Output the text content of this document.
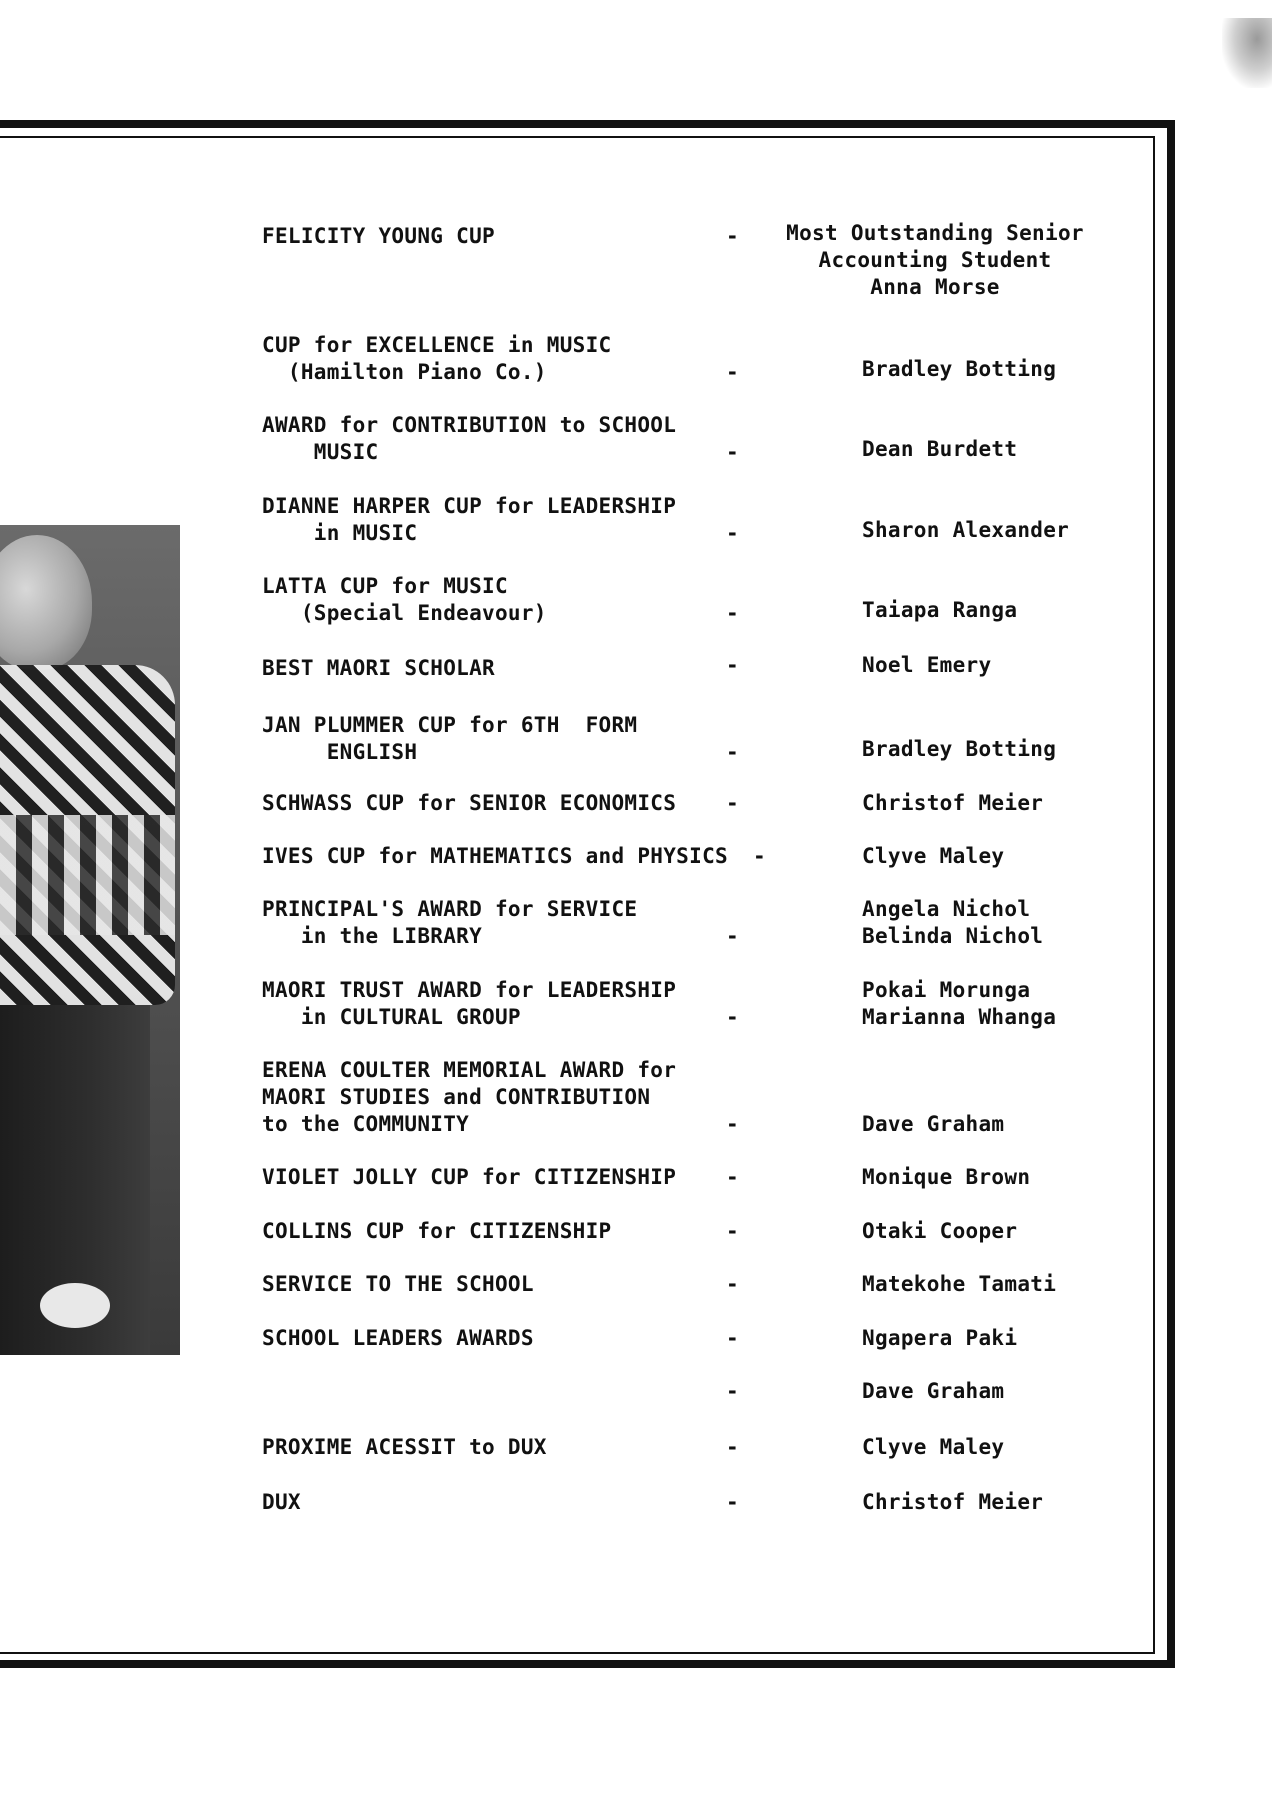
FELICITY YOUNG CUP	-	Most Outstanding Senior
Accounting Student
Anna Morse
CUP for EXCELLENCE in MUSIC
(Hamilton Piano Co.)	-	Bradley Botting
AWARD for CONTRIBUTION to SCHOOL
MUSIC	-	Dean Burdett
DIANNE HARPER CUP for LEADERSHIP
in MUSIC	-	Sharon Alexander
LATTA CUP for MUSIC
(Special Endeavour)	-	Taiapa Ranga
BEST MAORI SCHOLAR	-	Noel Emery
JAN PLUMMER CUP for 6TH  FORM
ENGLISH	-	Bradley Botting
SCHWASS CUP for SENIOR ECONOMICS	-	Christof Meier
IVES CUP for MATHEMATICS and PHYSICS	-	Clyve Maley
PRINCIPAL'S AWARD for SERVICE
in the LIBRARY	-
Angela Nichol
Belinda Nichol
MAORI TRUST AWARD for LEADERSHIP
in CULTURAL GROUP	-
Pokai Morunga
Marianna Whanga
ERENA COULTER MEMORIAL AWARD for
MAORI STUDIES and CONTRIBUTION
to the COMMUNITY	-	Dave Graham
VIOLET JOLLY CUP for CITIZENSHIP	-	Monique Brown
COLLINS CUP for CITIZENSHIP	-	Otaki Cooper
SERVICE TO THE SCHOOL	-	Matekohe Tamati
SCHOOL LEADERS AWARDS	-	Ngapera Paki
-	Dave Graham
PROXIME ACESSIT to DUX	-	Clyve Maley
DUX	-	Christof Meier
